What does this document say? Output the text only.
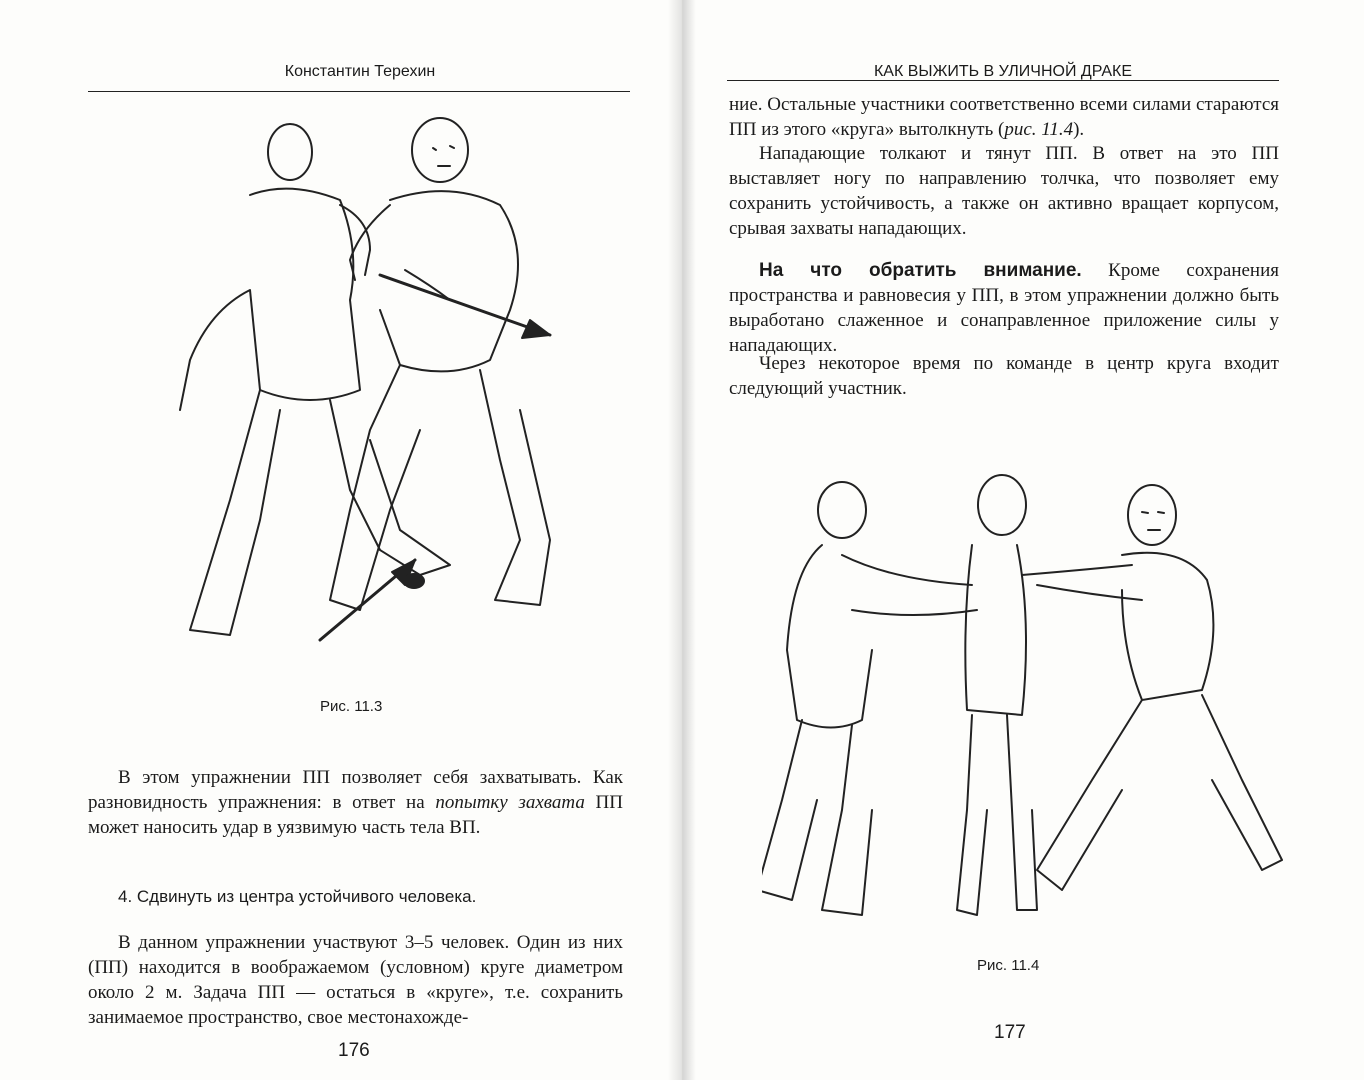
Константин Терехин
Рис. 11.3

В этом упражнении ПП позволяет себя захватывать. Как разновидность упражнения: в ответ на попытку захвата ПП может наносить удар в уязвимую часть тела ВП.

4. Сдвинуть из центра устойчивого человека.

В данном упражнении участвуют 3–5 человек. Один из них (ПП) находится в воображаемом (условном) круге диаметром около 2 м. Задача ПП — остаться в «круге», т.е. сохранить занимаемое пространство, свое местонахожде-

176
КАК ВЫЖИТЬ В УЛИЧНОЙ ДРАКЕ

ние. Остальные участники соответственно всеми силами стараются ПП из этого «круга» вытолкнуть (рис. 11.4).

Нападающие толкают и тянут ПП. В ответ на это ПП выставляет ногу по направлению толчка, что позволяет ему сохранить устойчивость, а также он активно вращает корпусом, срывая захваты нападающих.

На что обратить внимание. Кроме сохранения пространства и равновесия у ПП, в этом упражнении должно быть выработано слаженное и сонаправленное приложение силы у нападающих.

Через некоторое время по команде в центр круга входит следующий участник.

Рис. 11.4
177
